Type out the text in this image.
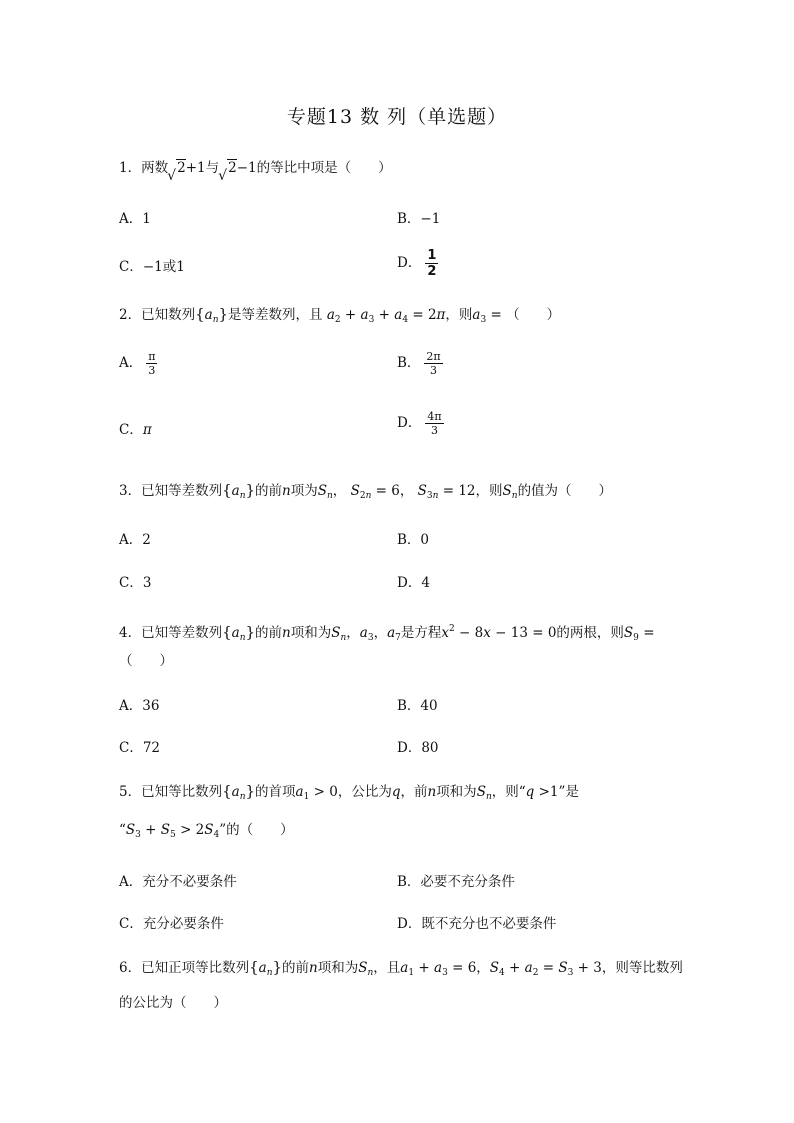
专题13 数 列（单选题）
1．两数 √ 2+1与 √ 2−1的等比中项是（　　）
A．1	B．−1
C．−1或1	D． $\frac{1}{2}$
2．已知数列$\{a_n\}$是等差数列，且 $a_2 + a_3 + a_4 = 2\pi$，则$a_3$ = （　　）
A． $\frac{\pi}{3}$	B． $\frac{2\pi}{3}$
C．π	D． $\frac{4\pi}{3}$
3．已知等差数列$\{a_n\}$的前n项为$S_n$， $S_{2n} = 6$， $S_{3n} = 12$，则$S_n$的值为（　　）
A．2	B．0
C．3	D．4
4．已知等差数列$\{a_n\}$的前n项和为$S_n$，$a_3$，$a_7$是方程$x^2 - 8x - 13 = 0$的两根，则$S_9$ =
（　　）
A．36	B．40
C．72	D．80
5．已知等比数列$\{a_n\}$的首项$a_1 > 0$，公比为q，前n项和为$S_n$，则“q >1”是
“$S_3 + S_5 > 2S_4$”的（　　）
A．充分不必要条件	B．必要不充分条件
C．充分必要条件	D．既不充分也不必要条件
6．已知正项等比数列$\{a_n\}$的前n项和为$S_n$，且$a_1 + a_3 = 6$，$S_4 + a_2 = S_3 + 3$，则等比数列
的公比为（　　）
